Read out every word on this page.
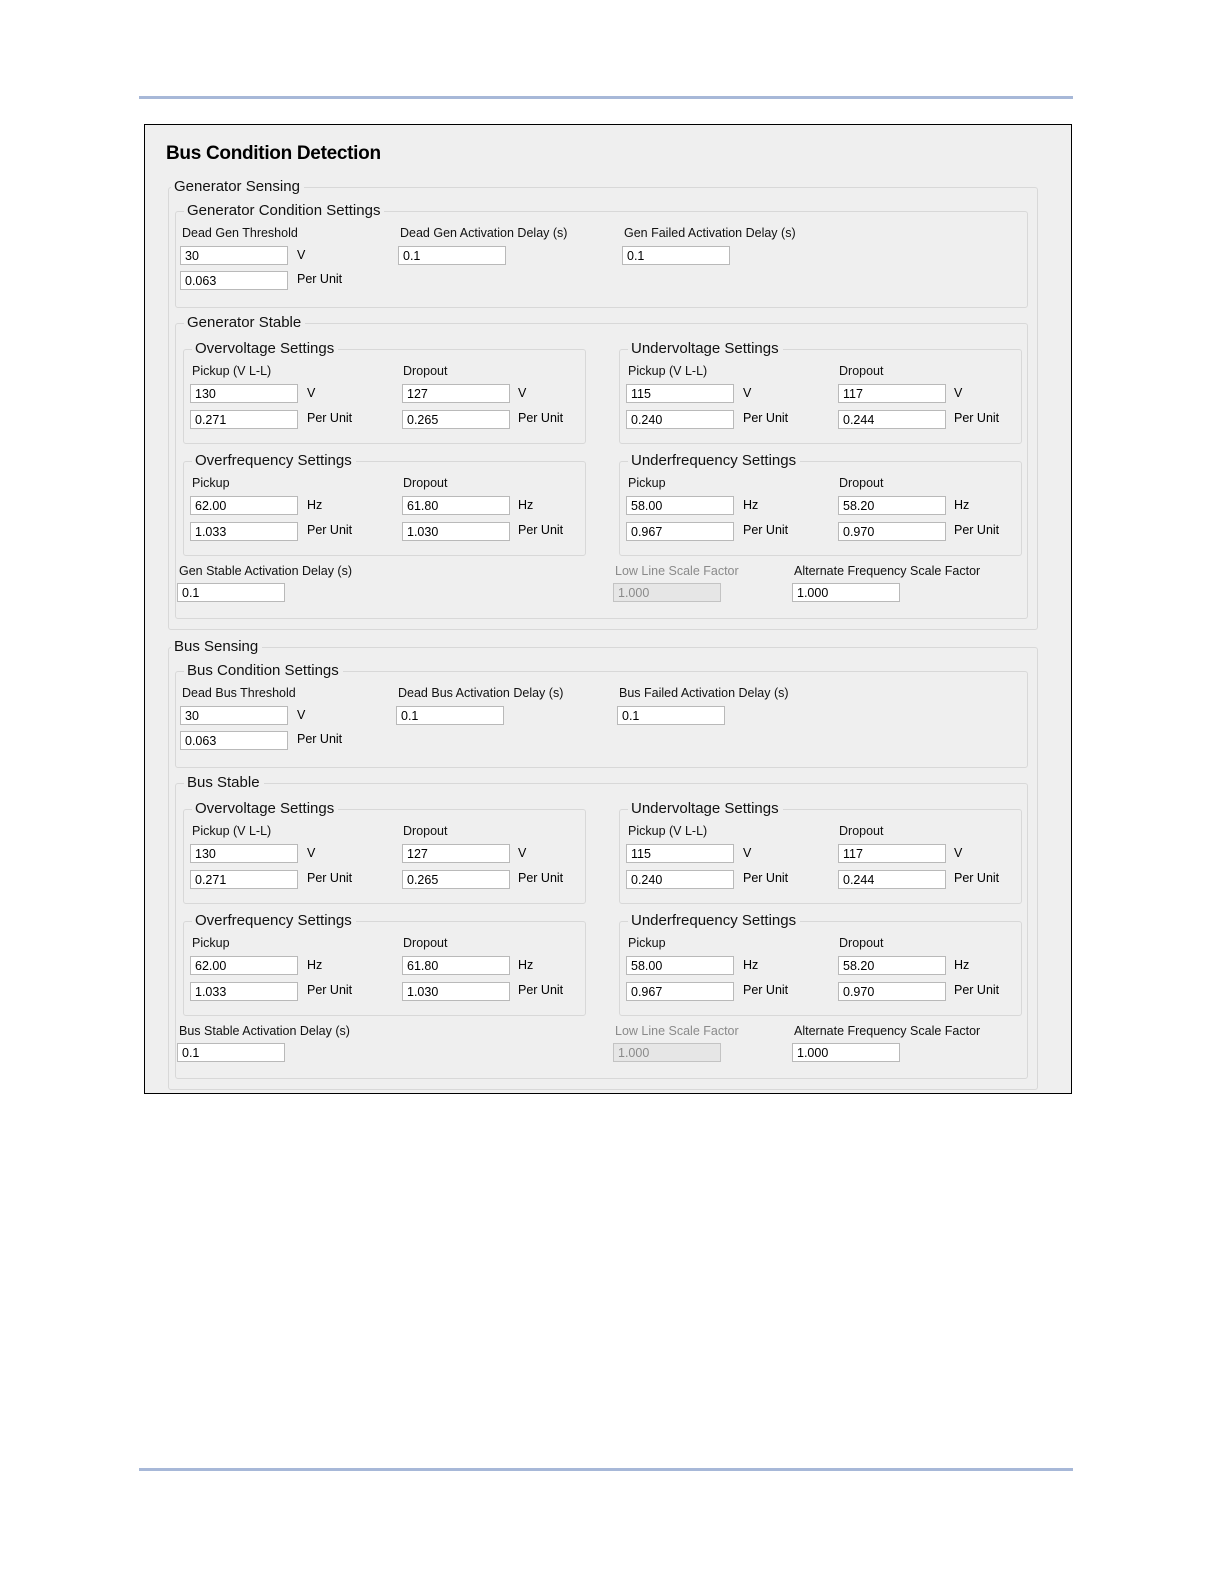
Bus Condition Detection
Generator Sensing
Generator Condition Settings
Dead Gen Threshold
30	V
0.063	Per Unit
Dead Gen Activation Delay (s)
0.1
Gen Failed Activation Delay (s)
0.1
Generator Stable
Overvoltage Settings
Pickup (V L-L)	Dropout
130	V	127	V
0.271	Per Unit	0.265	Per Unit
Undervoltage Settings
Pickup (V L-L)	Dropout
115	V	117	V
0.240	Per Unit	0.244	Per Unit
Overfrequency Settings
Pickup	Dropout
62.00	Hz	61.80	Hz
1.033	Per Unit	1.030	Per Unit
Underfrequency Settings
Pickup	Dropout
58.00	Hz	58.20	Hz
0.967	Per Unit	0.970	Per Unit
Gen Stable Activation Delay (s)
0.1
Low Line Scale Factor
1.000
Alternate Frequency Scale Factor
1.000
Bus Sensing
Bus Condition Settings
Dead Bus Threshold
30	V
0.063	Per Unit
Dead Bus Activation Delay (s)
0.1
Bus Failed Activation Delay (s)
0.1
Bus Stable
Overvoltage Settings
Pickup (V L-L)	Dropout
130	V	127	V
0.271	Per Unit	0.265	Per Unit
Undervoltage Settings
Pickup (V L-L)	Dropout
115	V	117	V
0.240	Per Unit	0.244	Per Unit
Overfrequency Settings
Pickup	Dropout
62.00	Hz	61.80	Hz
1.033	Per Unit	1.030	Per Unit
Underfrequency Settings
Pickup	Dropout
58.00	Hz	58.20	Hz
0.967	Per Unit	0.970	Per Unit
Bus Stable Activation Delay (s)
0.1
Low Line Scale Factor
1.000
Alternate Frequency Scale Factor
1.000
